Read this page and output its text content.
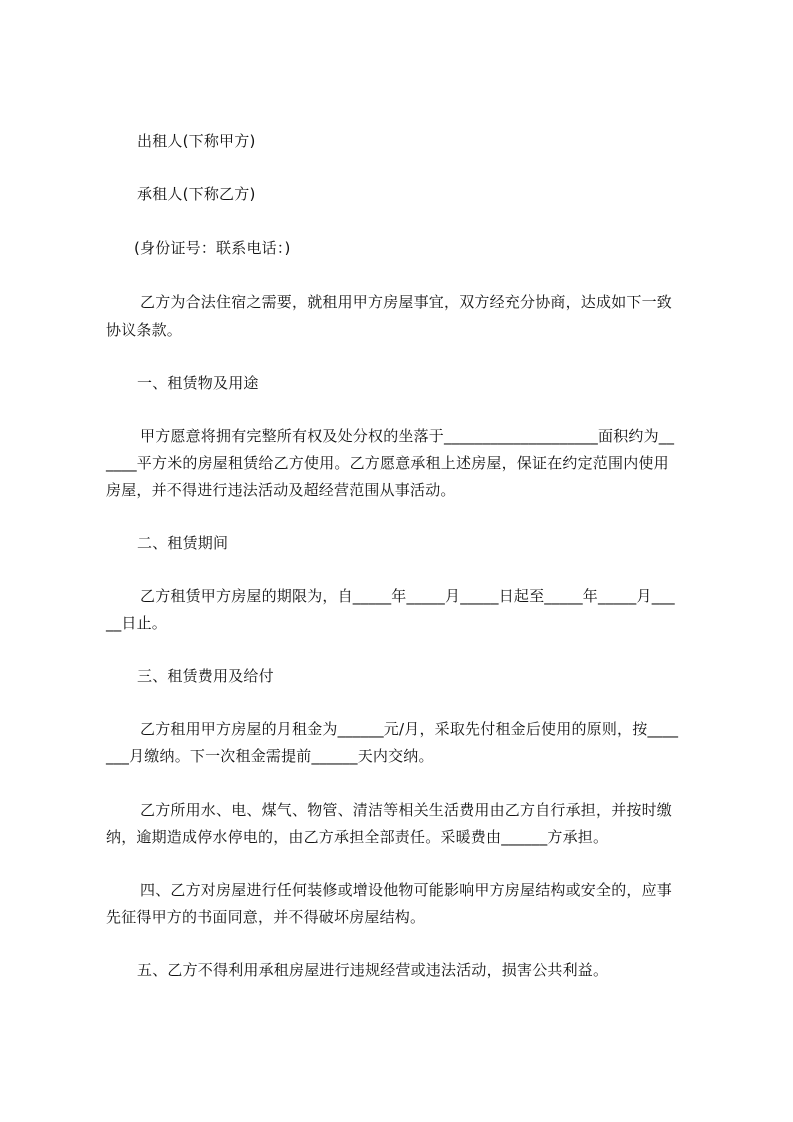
出租人(下称甲方)
承租人(下称乙方)
(身份证号：联系电话：)
乙方为合法住宿之需要，就租用甲方房屋事宜，双方经充分协商，达成如下一致
协议条款。
一、租赁物及用途
甲方愿意将拥有完整所有权及处分权的坐落于____________________面积约为__
____平方米的房屋租赁给乙方使用。乙方愿意承租上述房屋，保证在约定范围内使用
房屋，并不得进行违法活动及超经营范围从事活动。
二、租赁期间
乙方租赁甲方房屋的期限为，自_____年_____月_____日起至_____年_____月___
__日止。
三、租赁费用及给付
乙方租用甲方房屋的月租金为______元/月，采取先付租金后使用的原则，按____
___月缴纳。下一次租金需提前______天内交纳。
乙方所用水、电、煤气、物管、清洁等相关生活费用由乙方自行承担，并按时缴
纳，逾期造成停水停电的，由乙方承担全部责任。采暖费由______方承担。
四、乙方对房屋进行任何装修或增设他物可能影响甲方房屋结构或安全的，应事
先征得甲方的书面同意，并不得破坏房屋结构。
五、乙方不得利用承租房屋进行违规经营或违法活动，损害公共利益。
